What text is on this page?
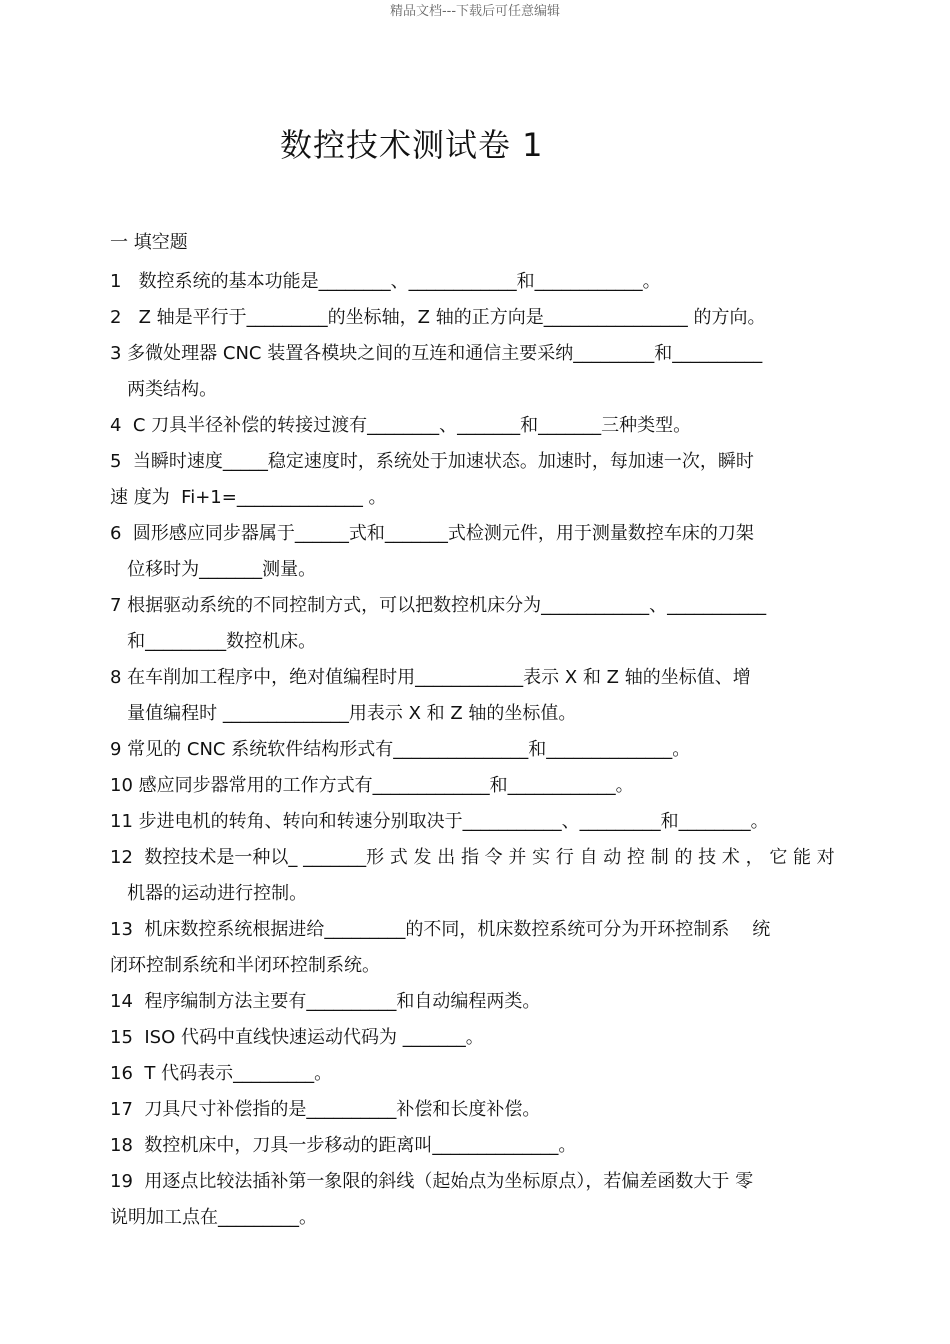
精品文档---下载后可任意编辑
数控技术测试卷 1
一 填空题
1   数控系统的基本功能是________、____________和____________。
2   Z 轴是平行于_________的坐标轴，Z 轴的正方向是________________ 的方向。
3 多微处理器 CNC 装置各模块之间的互连和通信主要采纳_________和__________
两类结构。
4  C 刀具半径补偿的转接过渡有________、_______和_______三种类型。
5  当瞬时速度_____稳定速度时，系统处于加速状态。加速时，每加速一次，瞬时
速 度为  Fi+1=______________ 。
6  圆形感应同步器属于______式和_______式检测元件，用于测量数控车床的刀架
位移时为_______测量。
7 根据驱动系统的不同控制方式，可以把数控机床分为____________、___________
和_________数控机床。
8 在车削加工程序中，绝对值编程时用____________表示 X 和 Z 轴的坐标值、增
量值编程时 ______________用表示 X 和 Z 轴的坐标值。
9 常见的 CNC 系统软件结构形式有_______________和______________。
10 感应同步器常用的工作方式有_____________和____________。
11 步进电机的转角、转向和转速分别取决于___________、_________和________。
12  数控技术是一种以_ _______形 式 发 出 指 令 并 实 行 自 动 控 制 的 技 术 ， 它 能 对
机器的运动进行控制。
13  机床数控系统根据进给_________的不同，机床数控系统可分为开环控制系    统
闭环控制系统和半闭环控制系统。
14  程序编制方法主要有__________和自动编程两类。
15  ISO 代码中直线快速运动代码为 _______。
16  T 代码表示_________。
17  刀具尺寸补偿指的是__________补偿和长度补偿。
18  数控机床中，刀具一步移动的距离叫______________。
19  用逐点比较法插补第一象限的斜线（起始点为坐标原点），若偏差函数大于 零
说明加工点在_________。
